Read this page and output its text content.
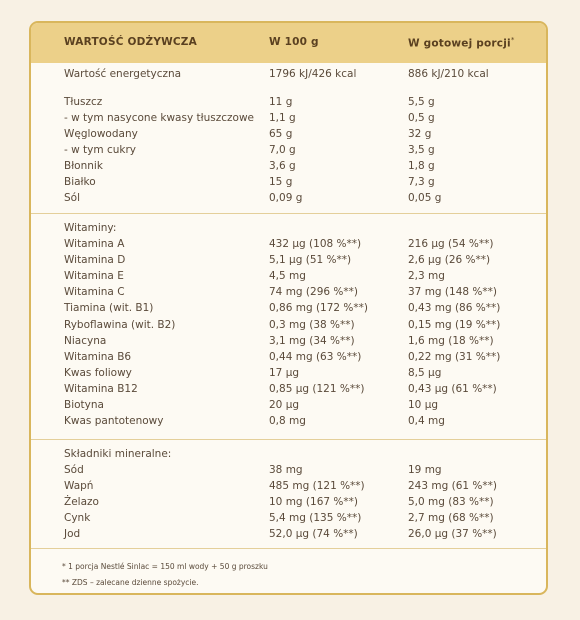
WARTOŚĆ ODŻYWCZA	W 100 g	W gotowej porcji*
Wartość energetyczna	1796 kJ/426 kcal	886 kJ/210 kcal
Tłuszcz	11 g	5,5 g
- w tym nasycone kwasy tłuszczowe 1,1 g	0,5 g
Węglowodany	65 g	32 g
- w tym cukry	7,0 g	3,5 g
Błonnik	3,6 g	1,8 g
Białko	15 g	7,3 g
Sól	0,09 g	0,05 g
Witaminy:
Witamina A	432 µg (108 %**)	216 µg (54 %**)
Witamina D	5,1 µg (51 %**)	2,6 µg (26 %**)
Witamina E	4,5 mg	2,3 mg
Witamina C	74 mg (296 %**)	37 mg (148 %**)
Tiamina (wit. B1)	0,86 mg (172 %**)	0,43 mg (86 %**)
Ryboflawina (wit. B2)	0,3 mg (38 %**)	0,15 mg (19 %**)
Niacyna	3,1 mg (34 %**)	1,6 mg (18 %**)
Witamina B6	0,44 mg (63 %**)	0,22 mg (31 %**)
Kwas foliowy	17 µg	8,5 µg
Witamina B12	0,85 µg (121 %**)	0,43 µg (61 %**)
Biotyna	20 µg	10 µg
Kwas pantotenowy	0,8 mg	0,4 mg
Składniki mineralne:
Sód	38 mg	19 mg
Wapń	485 mg (121 %**)	243 mg (61 %**)
Żelazo	10 mg (167 %**)	5,0 mg (83 %**)
Cynk	5,4 mg (135 %**)	2,7 mg (68 %**)
Jod	52,0 µg (74 %**)	26,0 µg (37 %**)
* 1 porcja Nestlé Sinlac = 150 ml wody + 50 g proszku
** ZDS – zalecane dzienne spożycie.
